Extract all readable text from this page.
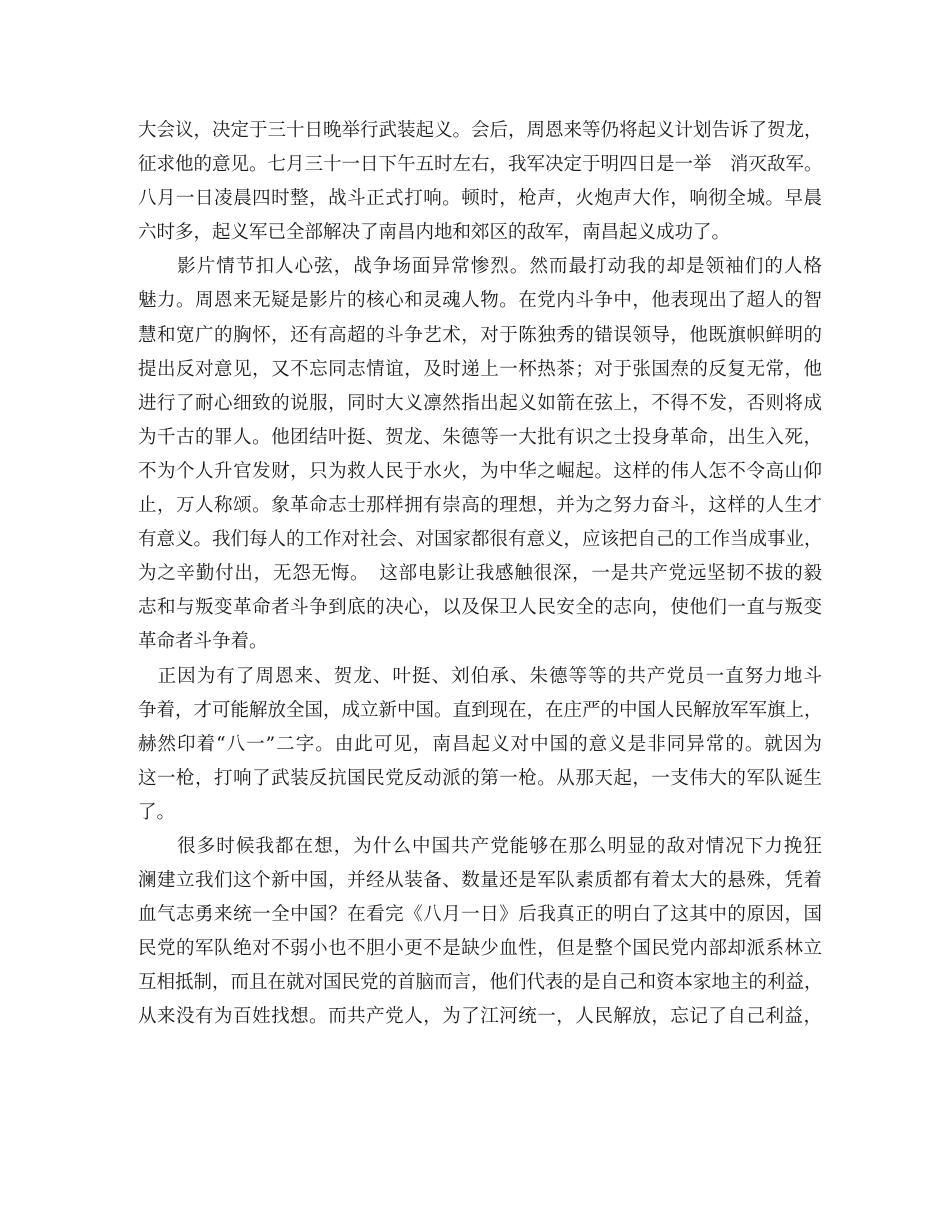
大会议，决定于三十日晚举行武装起义。会后，周恩来等仍将起义计划告诉了贺龙，
征求他的意见。七月三十一日下午五时左右，我军决定于明四日是一举　消灭敌军。
八月一日凌晨四时整，战斗正式打响。顿时，枪声，火炮声大作，响彻全城。早晨
六时多，起义军已全部解决了南昌内地和郊区的敌军，南昌起义成功了。
　　影片情节扣人心弦，战争场面异常惨烈。然而最打动我的却是领袖们的人格
魅力。周恩来无疑是影片的核心和灵魂人物。在党内斗争中，他表现出了超人的智
慧和宽广的胸怀，还有高超的斗争艺术，对于陈独秀的错误领导，他既旗帜鲜明的
提出反对意见，又不忘同志情谊，及时递上一杯热茶；对于张国焘的反复无常，他
进行了耐心细致的说服，同时大义凛然指出起义如箭在弦上，不得不发，否则将成
为千古的罪人。他团结叶挺、贺龙、朱德等一大批有识之士投身革命，出生入死，
不为个人升官发财，只为救人民于水火，为中华之崛起。这样的伟人怎不令高山仰
止，万人称颂。象革命志士那样拥有崇高的理想，并为之努力奋斗，这样的人生才
有意义。我们每人的工作对社会、对国家都很有意义，应该把自己的工作当成事业，
为之辛勤付出，无怨无悔。　这部电影让我感触很深，一是共产党远坚韧不拔的毅
志和与叛变革命者斗争到底的决心，以及保卫人民安全的志向，使他们一直与叛变
革命者斗争着。
　正因为有了周恩来、贺龙、叶挺、刘伯承、朱德等等的共产党员一直努力地斗
争着，才可能解放全国，成立新中国。直到现在，在庄严的中国人民解放军军旗上，
赫然印着“八一”二字。由此可见，南昌起义对中国的意义是非同异常的。就因为
这一枪，打响了武装反抗国民党反动派的第一枪。从那天起，一支伟大的军队诞生
了。
　　很多时候我都在想，为什么中国共产党能够在那么明显的敌对情况下力挽狂
澜建立我们这个新中国，并经从装备、数量还是军队素质都有着太大的悬殊，凭着
血气志勇来统一全中国？在看完《八月一日》后我真正的明白了这其中的原因，国
民党的军队绝对不弱小也不胆小更不是缺少血性，但是整个国民党内部却派系林立
互相抵制，而且在就对国民党的首脑而言，他们代表的是自己和资本家地主的利益，
从来没有为百姓找想。而共产党人，为了江河统一，人民解放，忘记了自己利益，
